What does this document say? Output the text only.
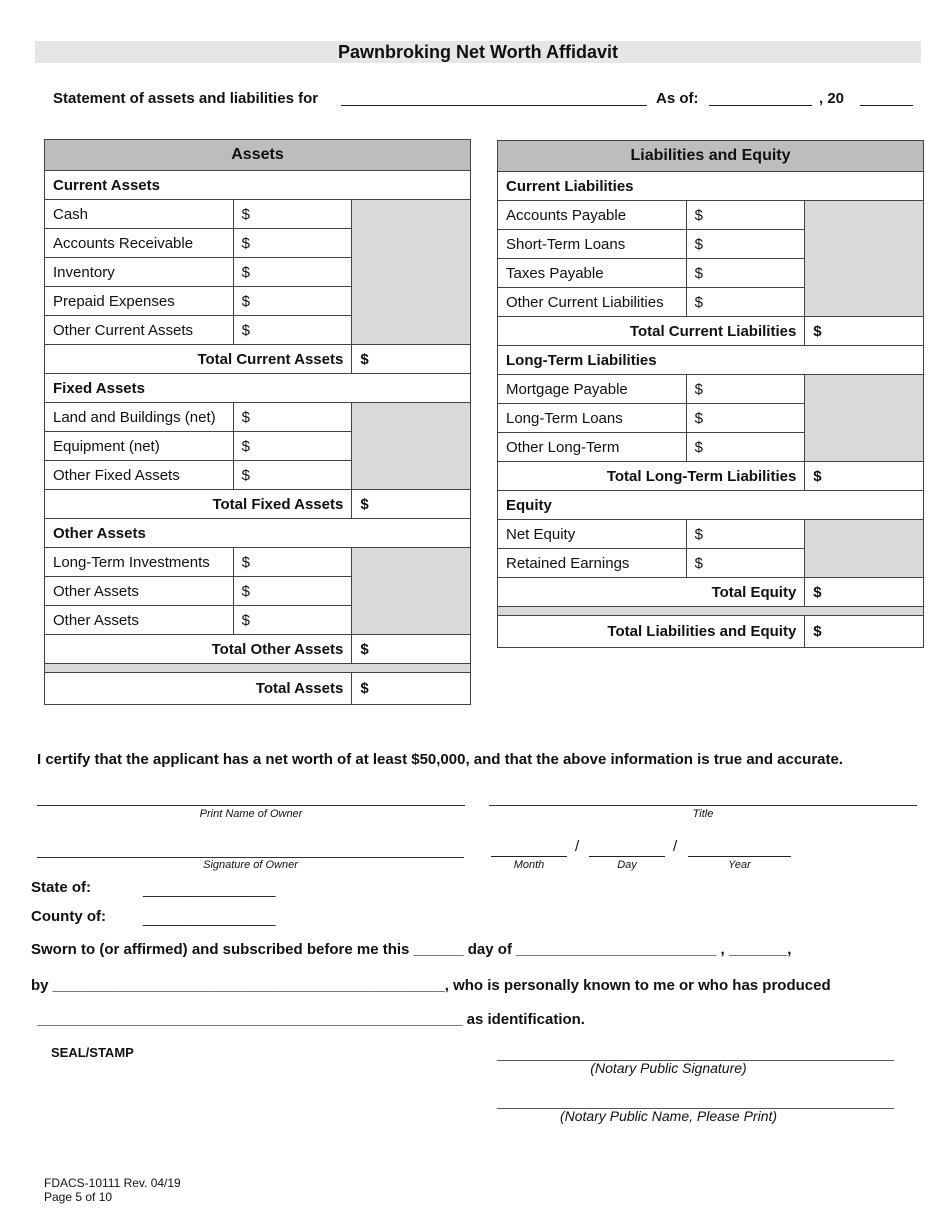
Pawnbroking Net Worth Affidavit
Statement of assets and liabilities for	As of:	, 20
Assets		
Current Assets		
Cash	$	
Accounts Receivable	$	
Inventory	$	
Prepaid Expenses	$	
Other Current Assets	$	
Total Current Assets		$
Fixed Assets		
Land and Buildings (net)	$	
Equipment (net)	$	
Other Fixed Assets	$	
Total Fixed Assets		$
Other Assets		
Long-Term Investments	$	
Other Assets	$	
Other Assets	$	
Total Other Assets		$

Total Assets		$
Liabilities and Equity		
Current Liabilities		
Accounts Payable	$	
Short-Term Loans	$	
Taxes Payable	$	
Other Current Liabilities	$	
Total Current Liabilities		$
Long-Term Liabilities		
Mortgage Payable	$	
Long-Term Loans	$	
Other Long-Term	$	
Total Long-Term Liabilities		$
Equity		
Net Equity	$	
Retained Earnings	$	
Total Equity		$

Total Liabilities and Equity		$
I certify that the applicant has a net worth of at least $50,000, and that the above information is true and accurate.
Print Name of Owner	Title
Signature of Owner
/	/
Month	Day	Year
State of:	_________________
County of:	_________________
Sworn to (or affirmed) and subscribed before me this ______ day of ________________________ , _______,
by _______________________________________________, who is personally known to me or who has produced
___________________________________________________ as identification.
SEAL/STAMP	___________________________________________________
(Notary Public Signature)
___________________________________________________
(Notary Public Name, Please Print)
FDACS-10111 Rev. 04/19
Page 5 of 10
